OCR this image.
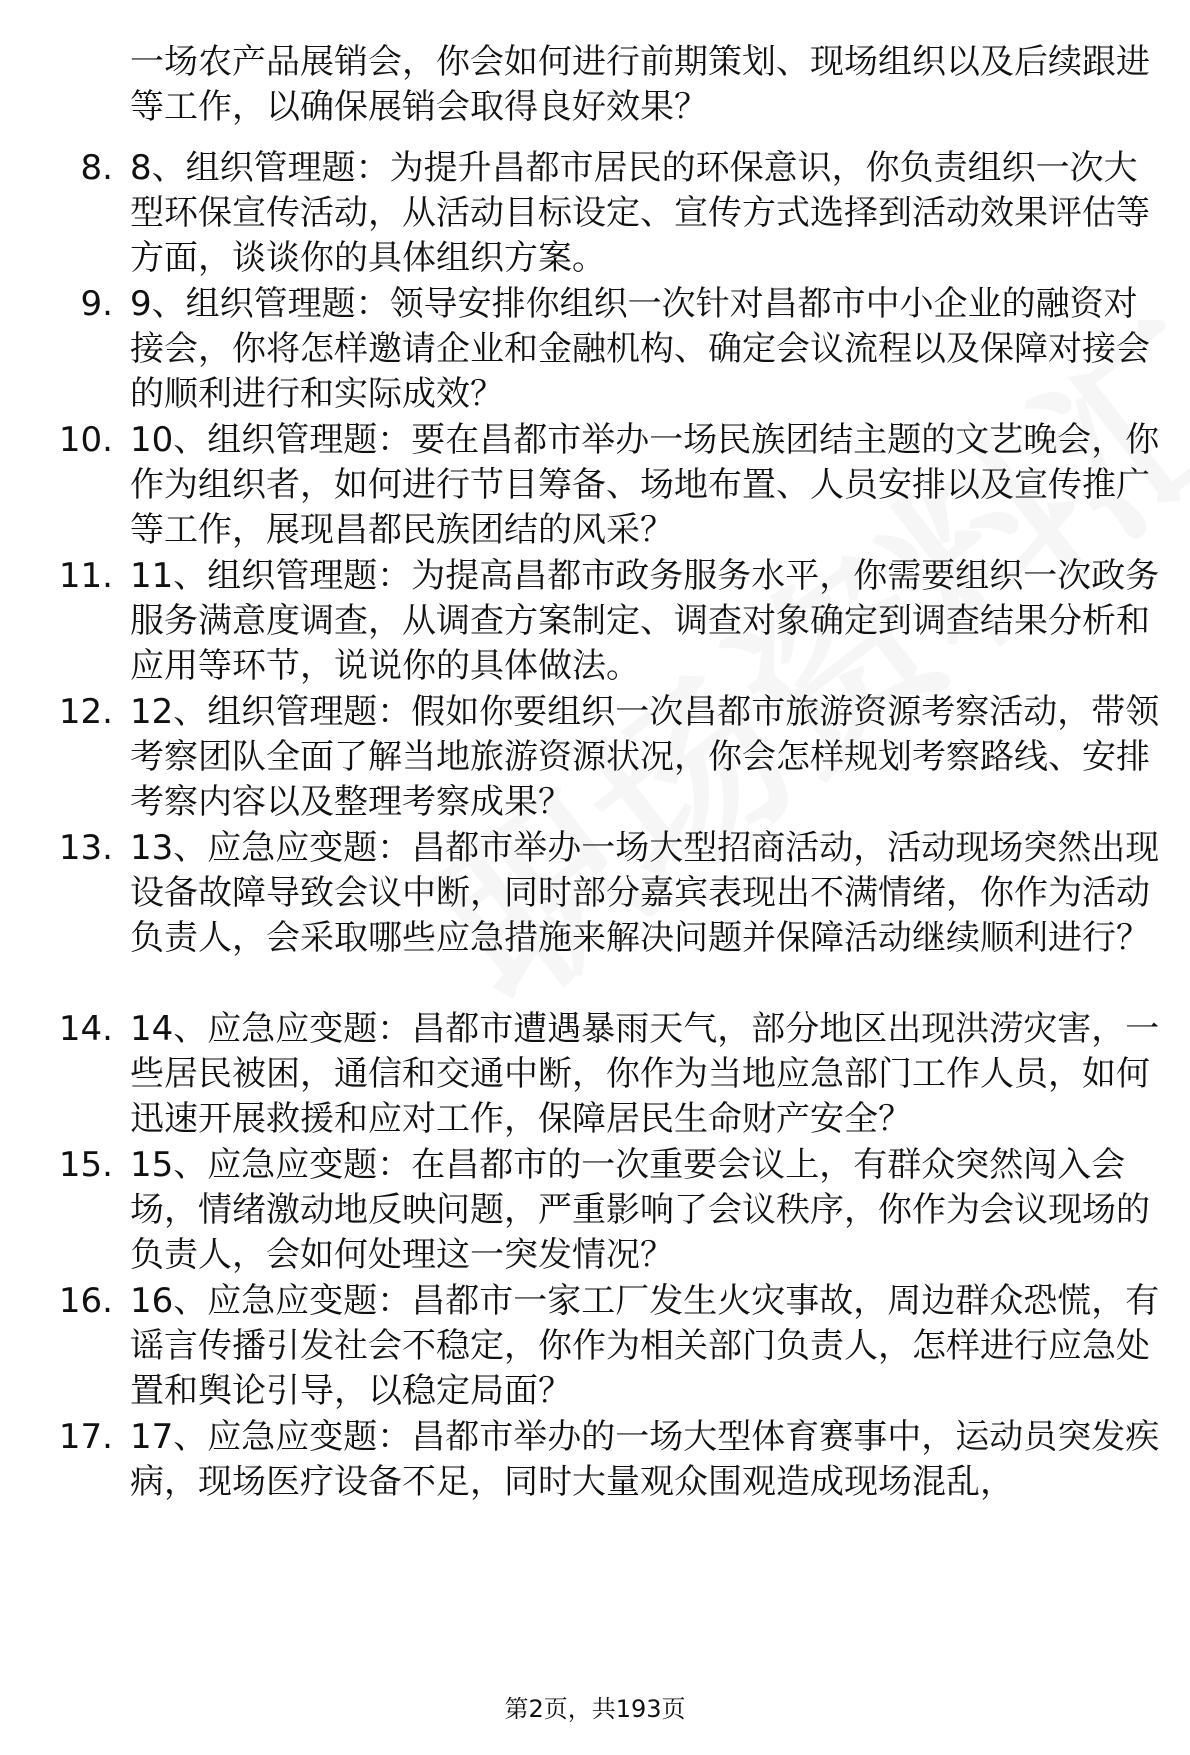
一场农产品展销会，你会如何进行前期策划、现场组织以及后续跟进等工作，以确保展销会取得良好效果？

8. 8、组织管理题：为提升昌都市居民的环保意识，你负责组织一次大型环保宣传活动，从活动目标设定、宣传方式选择到活动效果评估等方面，谈谈你的具体组织方案。

9. 9、组织管理题：领导安排你组织一次针对昌都市中小企业的融资对接会，你将怎样邀请企业和金融机构、确定会议流程以及保障对接会的顺利进行和实际成效？

10. 10、组织管理题：要在昌都市举办一场民族团结主题的文艺晚会，你作为组织者，如何进行节目筹备、场地布置、人员安排以及宣传推广等工作，展现昌都民族团结的风采？

11. 11、组织管理题：为提高昌都市政务服务水平，你需要组织一次政务服务满意度调查，从调查方案制定、调查对象确定到调查结果分析和应用等环节，说说你的具体做法。

12. 12、组织管理题：假如你要组织一次昌都市旅游资源考察活动，带领考察团队全面了解当地旅游资源状况，你会怎样规划考察路线、安排考察内容以及整理考察成果？

13. 13、应急应变题：昌都市举办一场大型招商活动，活动现场突然出现设备故障导致会议中断，同时部分嘉宾表现出不满情绪，你作为活动负责人，会采取哪些应急措施来解决问题并保障活动继续顺利进行？

14. 14、应急应变题：昌都市遭遇暴雨天气，部分地区出现洪涝灾害，一些居民被困，通信和交通中断，你作为当地应急部门工作人员，如何迅速开展救援和应对工作，保障居民生命财产安全？

15. 15、应急应变题：在昌都市的一次重要会议上，有群众突然闯入会场，情绪激动地反映问题，严重影响了会议秩序，你作为会议现场的负责人，会如何处理这一突发情况？

16. 16、应急应变题：昌都市一家工厂发生火灾事故，周边群众恐慌，有谣言传播引发社会不稳定，你作为相关部门负责人，怎样进行应急处置和舆论引导，以稳定局面？

17. 17、应急应变题：昌都市举办的一场大型体育赛事中，运动员突发疾病，现场医疗设备不足，同时大量观众围观造成现场混乱，

第2页，共193页
